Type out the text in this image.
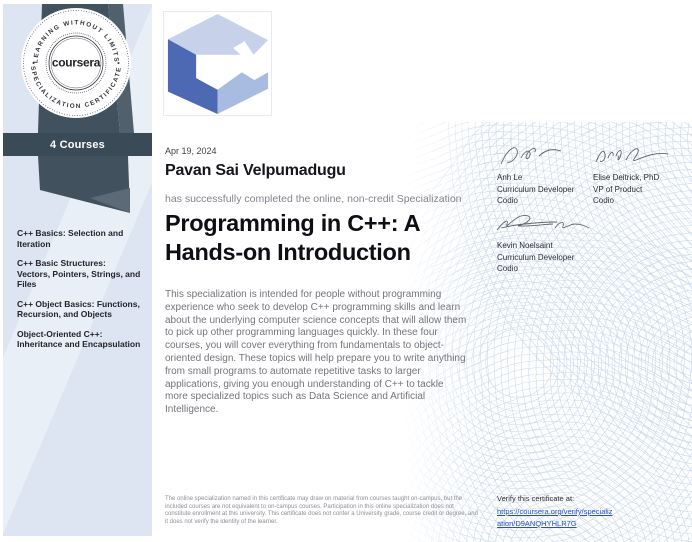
LEARNING WITHOUT LIMITS
SPECIALIZATION CERTIFICATE
coursera
4 Courses
C++ Basics: Selection and Iteration
C++ Basic Structures: Vectors, Pointers, Strings, and Files
C++ Object Basics: Functions, Recursion, and Objects
Object-Oriented C++: Inheritance and Encapsulation
Apr 19, 2024
Pavan Sai Velpumadugu
has successfully completed the online, non-credit Specialization
Programming in C++: A
Hands-on Introduction
This specialization is intended for people without programming experience who seek to develop C++ programming skills and learn about the underlying computer science concepts that will allow them to pick up other programming languages quickly. In these four courses, you will cover everything from fundamentals to object-oriented design. These topics will help prepare you to write anything from small programs to automate repetitive tasks to larger applications, giving you enough understanding of C++ to tackle more specialized topics such as Data Science and Artificial Intelligence.
Anh Le
Curriculum Developer
Codio
Elise Deitrick, PhD
VP of Product
Codio
Kevin Noelsaint
Curriculum Developer
Codio
The online specialization named in this certificate may draw on material from courses taught on-campus, but the included courses are not equivalent to on-campus courses. Participation in this online specialization does not constitute enrollment at this university. This certificate does not confer a University grade, course credit or degree, and it does not verify the identity of the learner.
Verify this certificate at:
https://coursera.org/verify/specialization/D9ANQHYHLR7G
